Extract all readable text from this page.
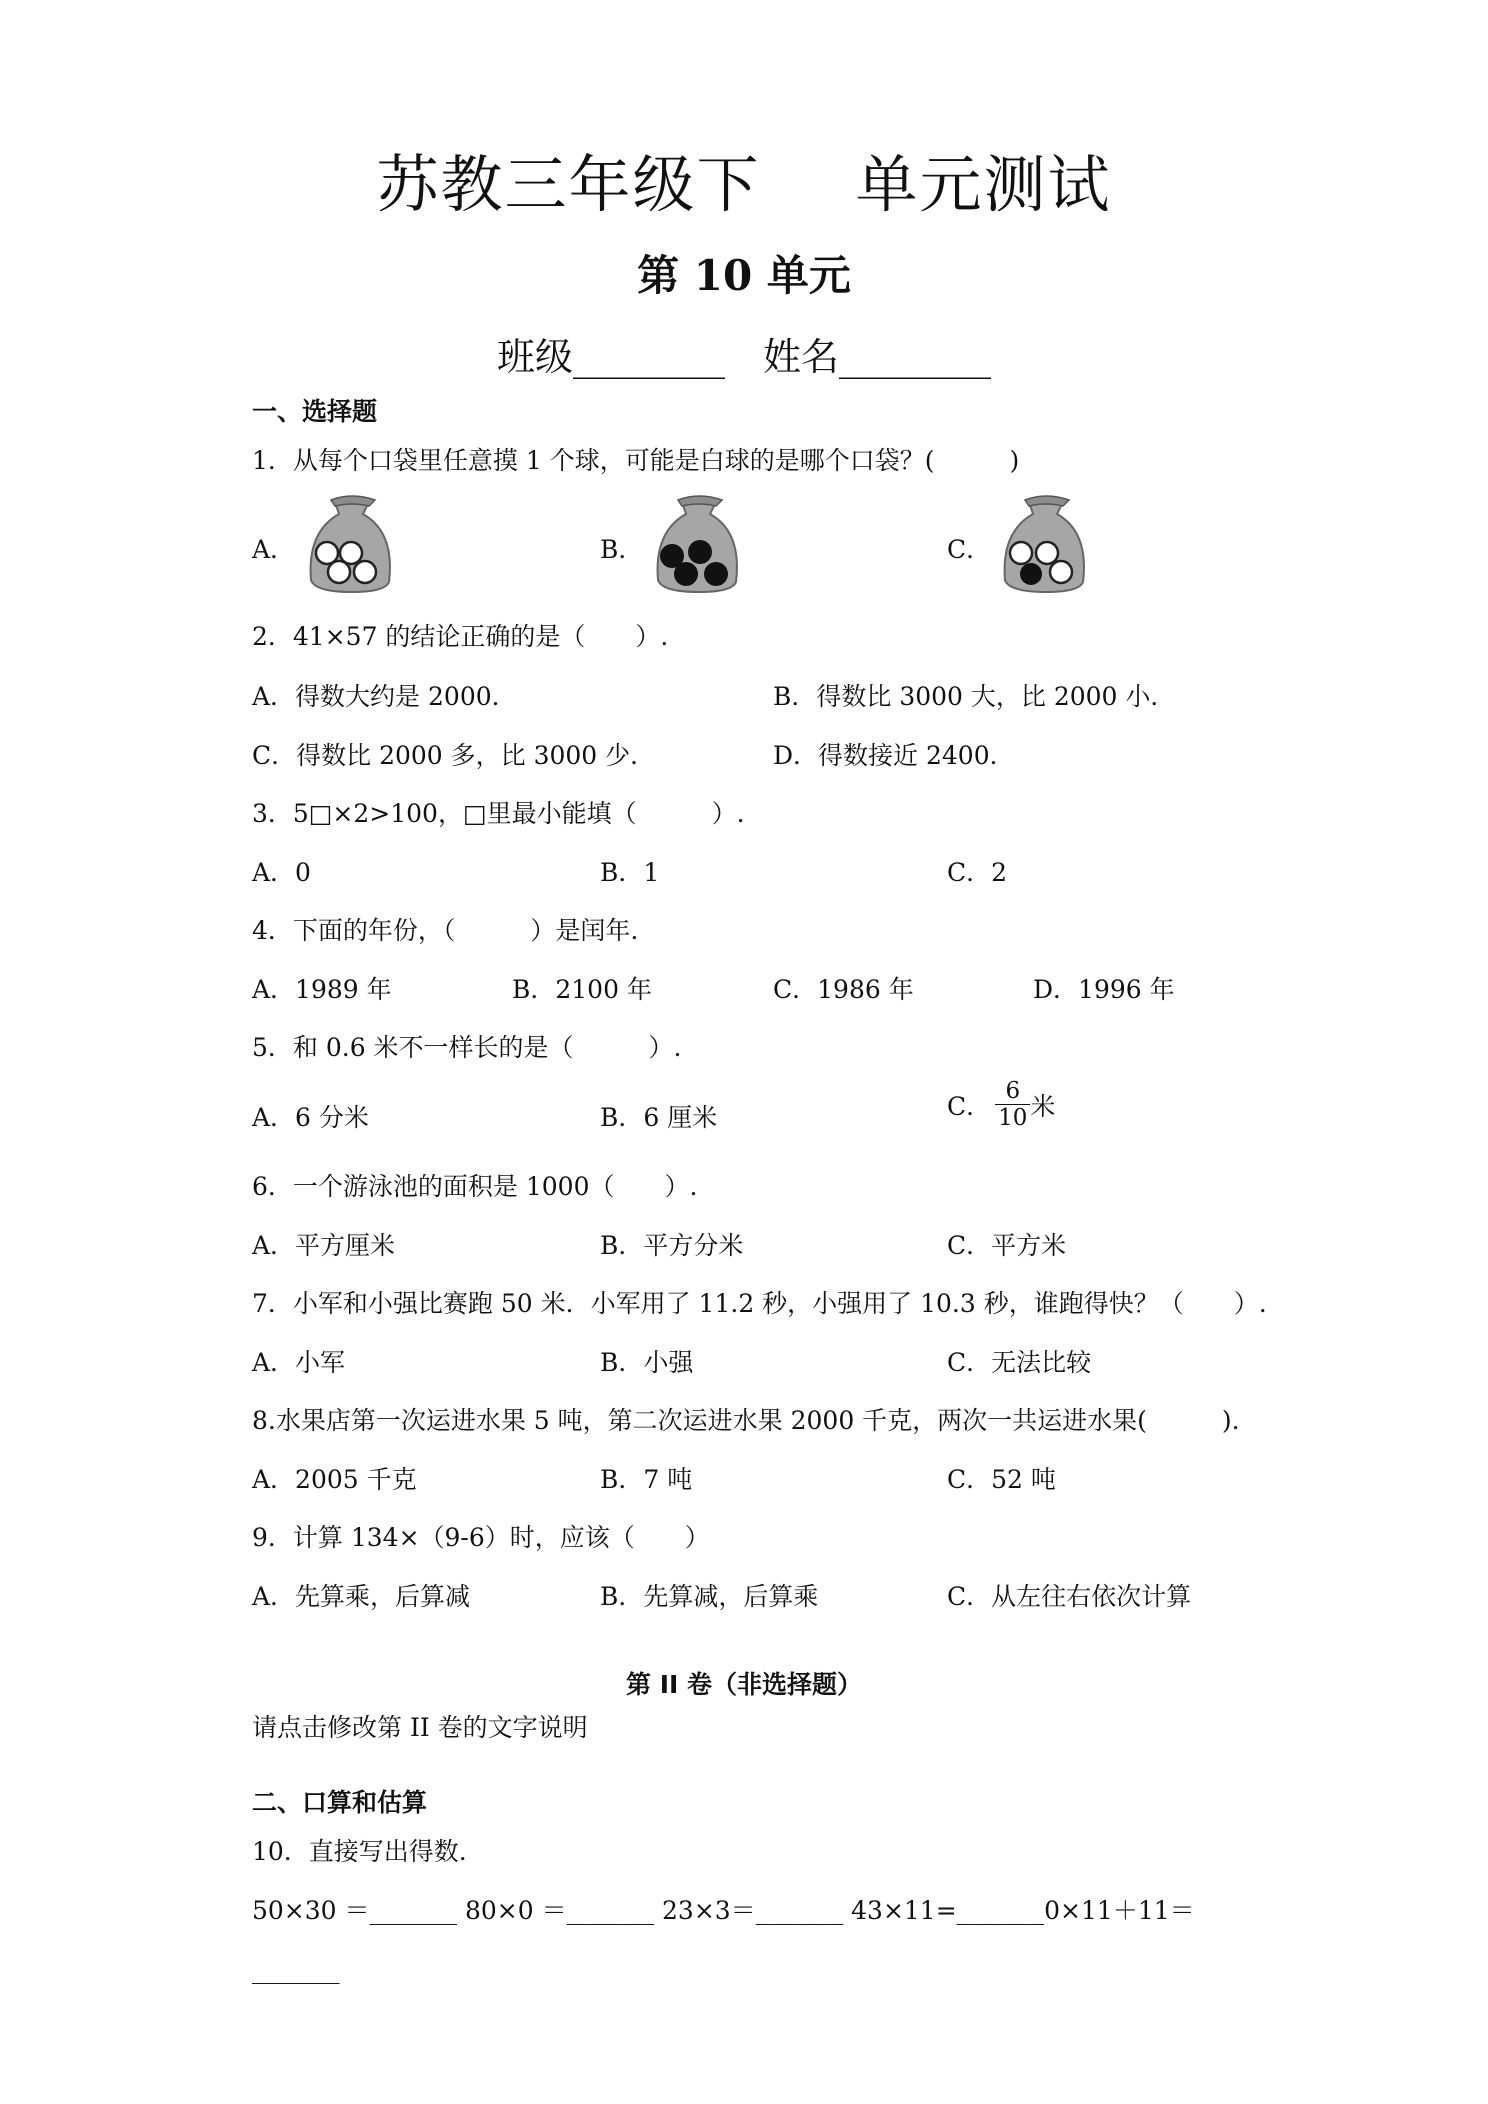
苏教三年级下 单元测试
第 10 单元
班级________ 姓名________
一、选择题
1．从每个口袋里任意摸 1 个球，可能是白球的是哪个口袋？(　　　)
A．	B．	C．
2．41×57 的结论正确的是（　　）.
A．得数大约是 2000．	B．得数比 3000 大，比 2000 小．
C．得数比 2000 多，比 3000 少．	D．得数接近 2400．
3．5□×2>100，□里最小能填（　　　）.
A．0	B．1	C．2
4．下面的年份，（　　　）是闰年.
A．1989 年	B．2100 年	C．1986 年	D．1996 年
5．和 0.6 米不一样长的是（　　　）.
A．6 分米	B．6 厘米	C． $\frac{6}{10}$ 米
6．一个游泳池的面积是 1000（　　）.
A．平方厘米	B．平方分米	C．平方米
7．小军和小强比赛跑 50 米．小军用了 11.2 秒，小强用了 10.3 秒，谁跑得快？（　　）.
A．小军	B．小强	C．无法比较
8.水果店第一次运进水果 5 吨，第二次运进水果 2000 千克，两次一共运进水果(　　　).
A．2005 千克	B．7 吨	C．52 吨
9．计算 134×（9-6）时，应该（　　）
A．先算乘，后算减	B．先算减，后算乘	C．从左往右依次计算
第 II 卷（非选择题）
请点击修改第 II 卷的文字说明
二、口算和估算
10．直接写出得数.
50×30 ＝_______ 80×0 ＝_______ 23×3＝_______ 43×11=_______0×11＋11＝
_______
